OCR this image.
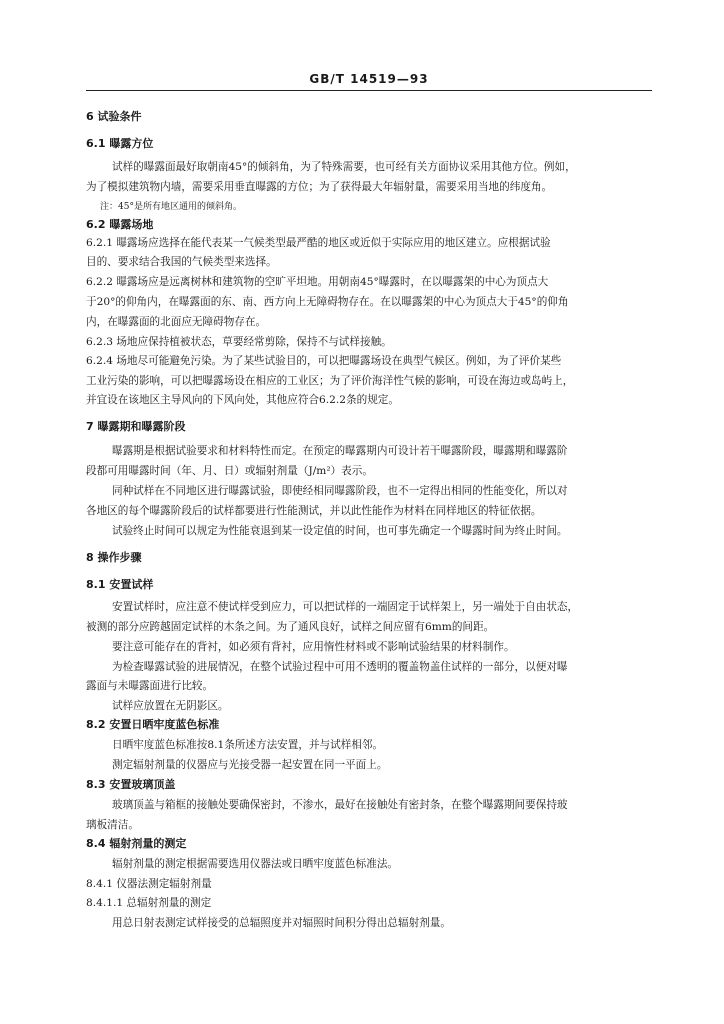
GB/T 14519—93
6 试验条件
6.1 曝露方位
试样的曝露面最好取朝南45°的倾斜角，为了特殊需要，也可经有关方面协议采用其他方位。例如，
为了模拟建筑物内墙，需要采用垂直曝露的方位；为了获得最大年辐射量，需要采用当地的纬度角。
注：45°是所有地区通用的倾斜角。
6.2 曝露场地
6.2.1 曝露场应选择在能代表某一气候类型最严酷的地区或近似于实际应用的地区建立。应根据试验
目的、要求结合我国的气候类型来选择。
6.2.2 曝露场应是远离树林和建筑物的空旷平坦地。用朝南45°曝露时，在以曝露架的中心为顶点大
于20°的仰角内，在曝露面的东、南、西方向上无障碍物存在。在以曝露架的中心为顶点大于45°的仰角
内，在曝露面的北面应无障碍物存在。
6.2.3 场地应保持植被状态，草要经常剪除，保持不与试样接触。
6.2.4 场地尽可能避免污染。为了某些试验目的，可以把曝露场设在典型气候区。例如，为了评价某些
工业污染的影响，可以把曝露场设在相应的工业区；为了评价海洋性气候的影响，可设在海边或岛屿上，
并宜设在该地区主导风向的下风向处，其他应符合6.2.2条的规定。
7 曝露期和曝露阶段
曝露期是根据试验要求和材料特性而定。在预定的曝露期内可设计若干曝露阶段，曝露期和曝露阶
段都可用曝露时间（年、月、日）或辐射剂量（J/m²）表示。
同种试样在不同地区进行曝露试验，即使经相同曝露阶段，也不一定得出相同的性能变化，所以对
各地区的每个曝露阶段后的试样都要进行性能测试，并以此性能作为材料在同样地区的特征依据。
试验终止时间可以规定为性能衰退到某一设定值的时间，也可事先确定一个曝露时间为终止时间。
8 操作步骤
8.1 安置试样
安置试样时，应注意不使试样受到应力，可以把试样的一端固定于试样架上，另一端处于自由状态，
被测的部分应跨越固定试样的木条之间。为了通风良好，试样之间应留有6mm的间距。
要注意可能存在的背衬，如必须有背衬，应用惰性材料或不影响试验结果的材料制作。
为检查曝露试验的进展情况，在整个试验过程中可用不透明的覆盖物盖住试样的一部分，以便对曝
露面与未曝露面进行比较。
试样应放置在无阴影区。
8.2 安置日晒牢度蓝色标准
日晒牢度蓝色标准按8.1条所述方法安置，并与试样相邻。
测定辐射剂量的仪器应与光接受器一起安置在同一平面上。
8.3 安置玻璃顶盖
玻璃顶盖与箱框的接触处要确保密封，不渗水，最好在接触处有密封条，在整个曝露期间要保持玻
璃板清洁。
8.4 辐射剂量的测定
辐射剂量的测定根据需要选用仪器法或日晒牢度蓝色标准法。
8.4.1 仪器法测定辐射剂量
8.4.1.1 总辐射剂量的测定
用总日射表测定试样接受的总辐照度并对辐照时间积分得出总辐射剂量。
